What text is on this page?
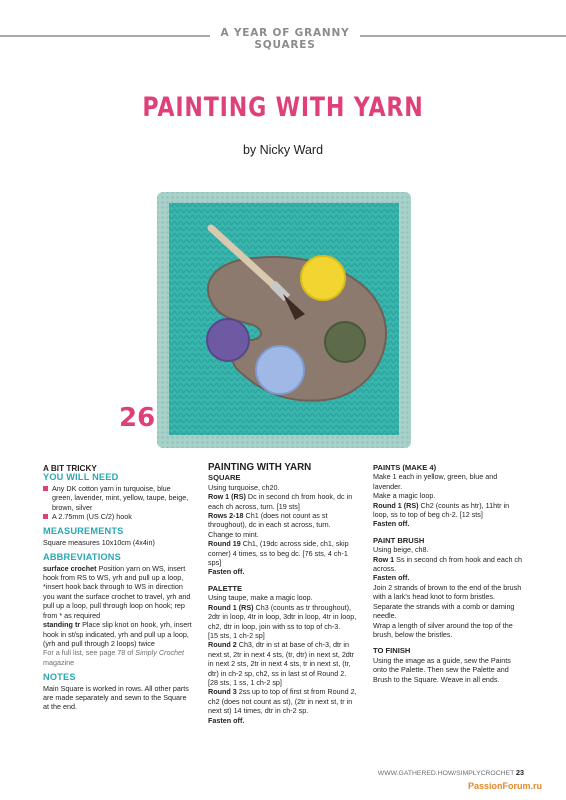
A YEAR OF GRANNY SQUARES
PAINTING WITH YARN
by Nicky Ward
26

A BIT TRICKY

YOU WILL NEED

Any DK cotton yarn in turquoise, blue green, lavender, mint, yellow, taupe, beige, brown, silver

A 2.75mm (US C/2) hook

MEASUREMENTS

Square measures 10x10cm (4x4in)

ABBREVIATIONS

surface crochet Position yarn on WS, insert hook from RS to WS, yrh and pull up a loop, *insert hook back through to WS in direction you want the surface crochet to travel, yrh and pull up a loop, pull through loop on hook; rep from * as required

standing tr Place slip knot on hook, yrh, insert hook in st/sp indicated, yrh and pull up a loop, (yrh and pull through 2 loops) twice

For a full list, see page 78 of Simply Crochet magazine

NOTES

Main Square is worked in rows. All other parts are made separately and sewn to the Square at the end.

PAINTING WITH YARN

SQUARE

Using turquoise, ch20.

Row 1 (RS) Dc in second ch from hook, dc in each ch across, turn. [19 sts]

Rows 2-18 Ch1 (does not count as st throughout), dc in each st across, turn.

Change to mint.

Round 19 Ch1, (19dc across side, ch1, skip corner) 4 times, ss to beg dc. [76 sts, 4 ch-1 sps]

Fasten off.

PALETTE

Using taupe, make a magic loop.

Round 1 (RS) Ch3 (counts as tr throughout), 2dtr in loop, 4tr in loop, 3dtr in loop, 4tr in loop, ch2, dtr in loop, join with ss to top of ch-3.

[15 sts, 1 ch-2 sp]

Round 2 Ch3, dtr in st at base of ch-3, dtr in next st, 2tr in next 4 sts, (tr, dtr) in next st, 2dtr in next 2 sts, 2tr in next 4 sts, tr in next st, (tr, dtr) in ch-2 sp, ch2, ss in last st of Round 2.

[28 sts, 1 ss, 1 ch-2 sp]

Round 3 2ss up to top of first st from Round 2, ch2 (does not count as st), (2tr in next st, tr in next st) 14 times, dtr in ch-2 sp.

Fasten off.

PAINTS (MAKE 4)

Make 1 each in yellow, green, blue and lavender.

Make a magic loop.

Round 1 (RS) Ch2 (counts as htr), 11htr in loop, ss to top of beg ch-2. [12 sts]

Fasten off.

PAINT BRUSH

Using beige, ch8.

Row 1 Ss in second ch from hook and each ch across.

Fasten off.

Join 2 strands of brown to the end of the brush with a lark's head knot to form bristles. Separate the strands with a comb or darning needle.

Wrap a length of silver around the top of the brush, below the bristles.

TO FINISH

Using the image as a guide, sew the Paints onto the Palette. Then sew the Palette and Brush to the Square. Weave in all ends.

WWW.GATHERED.HOW/SIMPLYCROCHET 23
PassionForum.ru
